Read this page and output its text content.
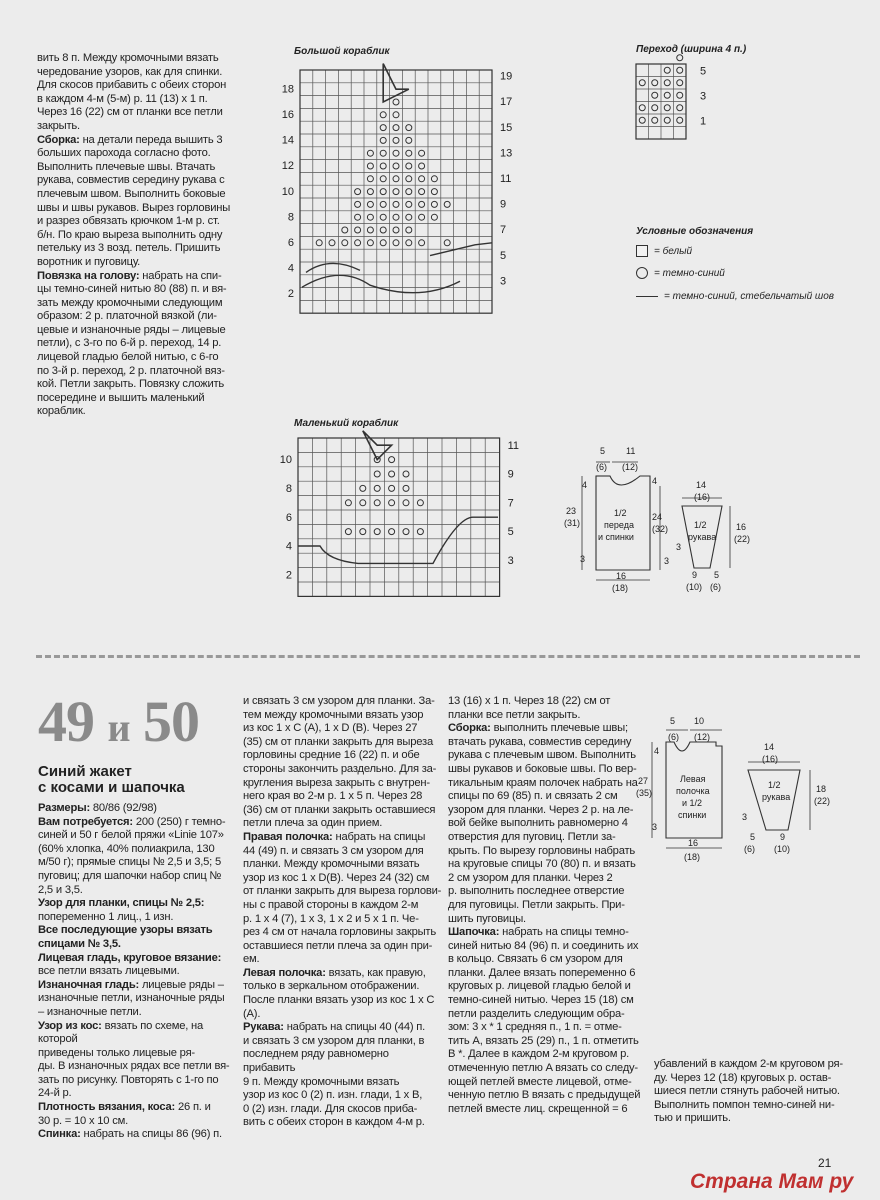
вить 8 п. Между кромочными вязать

чередование узоров, как для спинки.

Для скосов прибавить с обеих сторон

в каждом 4-м (5-м) р. 11 (13) х 1 п.

Через 16 (22) см от планки все петли

закрыть.

Сборка: на детали переда вышить 3

больших парохода согласно фото.

Выполнить плечевые швы. Втачать

рукава, совместив середину рукава с

плечевым швом. Выполнить боковые

швы и швы рукавов. Вырез горловины

и разрез обвязать крючком 1-м р. ст.

б/н. По краю выреза выполнить одну

петельку из 3 возд. петель. Пришить

воротник и пуговицу.

Повязка на голову: набрать на спи-

цы темно-синей нитью 80 (88) п. и вя-

зать между кромочными следующим

образом: 2 р. платочной вязкой (ли-

цевые и изнаночные ряды – лицевые

петли), с 3-го по 6-й р. переход, 14 р.

лицевой гладью белой нитью, с 6-го

по 3-й р. переход, 2 р. платочной вяз-

кой. Петли закрыть. Повязку сложить

посередине и вышить маленький

кораблик.

Большой кораблик
18
16
14
12
10
8
6
4
2
19
17
15
13
11
9
7
5
3
Переход (ширина 4 п.)
5
3
1
Условные обозначения
= белый
= темно-синий
= темно-синий, стебельчатый шов
Маленький кораблик
10
8
6
4
2
11
9
7
5
3
5
(6)
11
(12)
4
23
(31)
3
4
24
(32)
1/2
переда
и спинки
16
(18)
3
14
(16)
1/2
рукава
16
(22)
3
9
(10)
5
(6)
49 и 50
Синий жакет
с косами и шапочка

Размеры: 80/86 (92/98)

Вам потребуется: 200 (250) г темно-

синей и 50 г белой пряжи «Linie 107»

(60% хлопка, 40% полиакрила, 130

м/50 г); прямые спицы № 2,5 и 3,5; 5

пуговиц; для шапочки набор спиц №

2,5 и 3,5.

Узор для планки, спицы № 2,5:

попеременно 1 лиц., 1 изн.

Все последующие узоры вязать

спицами № 3,5.

Лицевая гладь, круговое вязание:

все петли вязать лицевыми.

Изнаночная гладь: лицевые ряды –

изнаночные петли, изнаночные ряды

– изнаночные петли.

Узор из кос: вязать по схеме, на которой

приведены только лицевые ря-

ды. В изнаночных рядах все петли вя-

зать по рисунку. Повторять с 1-го по

24-й р.

Плотность вязания, коса: 26 п. и

30 р. = 10 х 10 см.

Спинка: набрать на спицы 86 (96) п.

и связать 3 см узором для планки. За-

тем между кромочными вязать узор

из кос 1 х C (A), 1 х D (B). Через 27

(35) см от планки закрыть для выреза

горловины средние 16 (22) п. и обе

стороны закончить раздельно. Для за-

кругления выреза закрыть с внутрен-

него края во 2-м р. 1 х 5 п. Через 28

(36) см от планки закрыть оставшиеся

петли плеча за один прием.

Правая полочка: набрать на спицы

44 (49) п. и связать 3 см узором для

планки. Между кромочными вязать

узор из кос 1 х D(B). Через 24 (32) см

от планки закрыть для выреза горлови-

ны с правой стороны в каждом 2-м

р. 1 х 4 (7), 1 х 3, 1 х 2 и 5 х 1 п. Че-

рез 4 см от начала горловины закрыть

оставшиеся петли плеча за один при-

ем.

Левая полочка: вязать, как правую,

только в зеркальном отображении.

После планки вязать узор из кос 1 х C

(A).

Рукава: набрать на спицы 40 (44) п.

и связать 3 см узором для планки, в

последнем ряду равномерно прибавить

9 п. Между кромочными вязать

узор из кос 0 (2) п. изн. глади, 1 х B,

0 (2) изн. глади. Для скосов приба-

вить с обеих сторон в каждом 4-м р.

13 (16) х 1 п. Через 18 (22) см от

планки все петли закрыть.

Сборка: выполнить плечевые швы;

втачать рукава, совместив середину

рукава с плечевым швом. Выполнить

швы рукавов и боковые швы. По вер-

тикальным краям полочек набрать на

спицы по 69 (85) п. и связать 2 см

узором для планки. Через 2 р. на ле-

вой бейке выполнить равномерно 4

отверстия для пуговиц. Петли за-

крыть. По вырезу горловины набрать

на круговые спицы 70 (80) п. и вязать

2 см узором для планки. Через 2

р. выполнить последнее отверстие

для пуговицы. Петли закрыть. При-

шить пуговицы.

Шапочка: набрать на спицы темно-

синей нитью 84 (96) п. и соединить их

в кольцо. Связать 6 см узором для

планки. Далее вязать попеременно 6

круговых р. лицевой гладью белой и

темно-синей нитью. Через 15 (18) см

петли разделить следующим обра-

зом: 3 х * 1 средняя п., 1 п. = отме-

тить A, вязать 25 (29) п., 1 п. отметить

B *. Далее в каждом 2-м круговом р.

отмеченную петлю A вязать со следу-

ющей петлей вместе лицевой, отме-

ченную петлю B вязать с предыдущей

петлей вместе лиц. скрещенной = 6

убавлений в каждом 2-м круговом ря-

ду. Через 12 (18) круговых р. остав-

шиеся петли стянуть рабочей нитью.

Выполнить помпон темно-синей ни-

тью и пришить.

5
(6)
10
(12)
4
27
(35)
3
Левая
полочка
и 1/2
спинки
16
(18)
14
(16)
1/2
рукава
18
(22)
3
5
(6)
9
(10)
21
Страна Мам ру
